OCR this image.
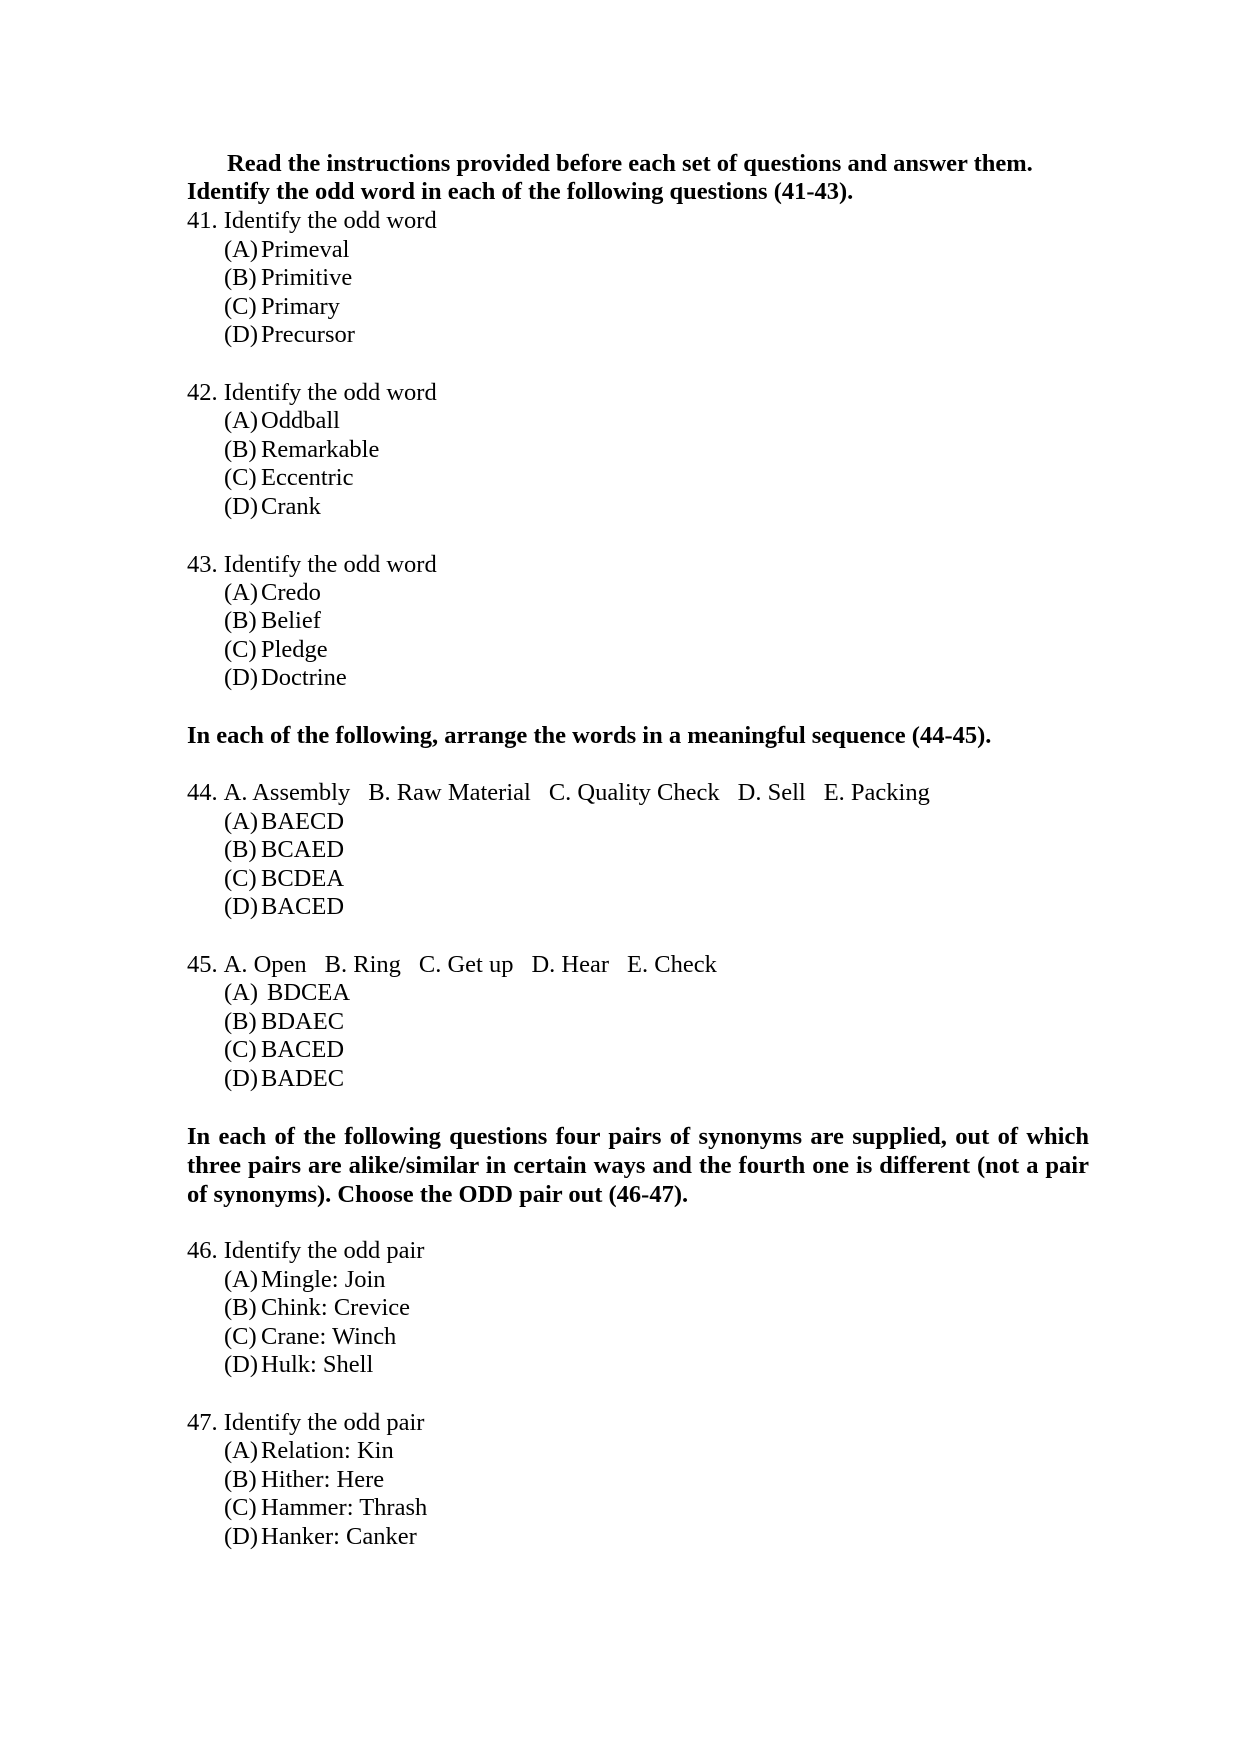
Read the instructions provided before each set of questions and answer them.
Identify the odd word in each of the following questions (41-43).
41. Identify the odd word
(A) Primeval
(B) Primitive
(C) Primary
(D) Precursor
42. Identify the odd word
(A) Oddball
(B) Remarkable
(C) Eccentric
(D) Crank
43. Identify the odd word
(A) Credo
(B) Belief
(C) Pledge
(D) Doctrine
In each of the following, arrange the words in a meaningful sequence (44-45).
44. A. Assembly B. Raw Material C. Quality Check D. Sell E. Packing
(A) BAECD
(B) BCAED
(C) BCDEA
(D) BACED
45. A. Open B. Ring C. Get up D. Hear E. Check
(A) BDCEA
(B) BDAEC
(C) BACED
(D) BADEC
In each of the following questions four pairs of synonyms are supplied, out of which three pairs are alike/similar in certain ways and the fourth one is different (not a pair of synonyms). Choose the ODD pair out (46-47).
46. Identify the odd pair
(A) Mingle: Join
(B) Chink: Crevice
(C) Crane: Winch
(D) Hulk: Shell
47. Identify the odd pair
(A) Relation: Kin
(B) Hither: Here
(C) Hammer: Thrash
(D) Hanker: Canker
